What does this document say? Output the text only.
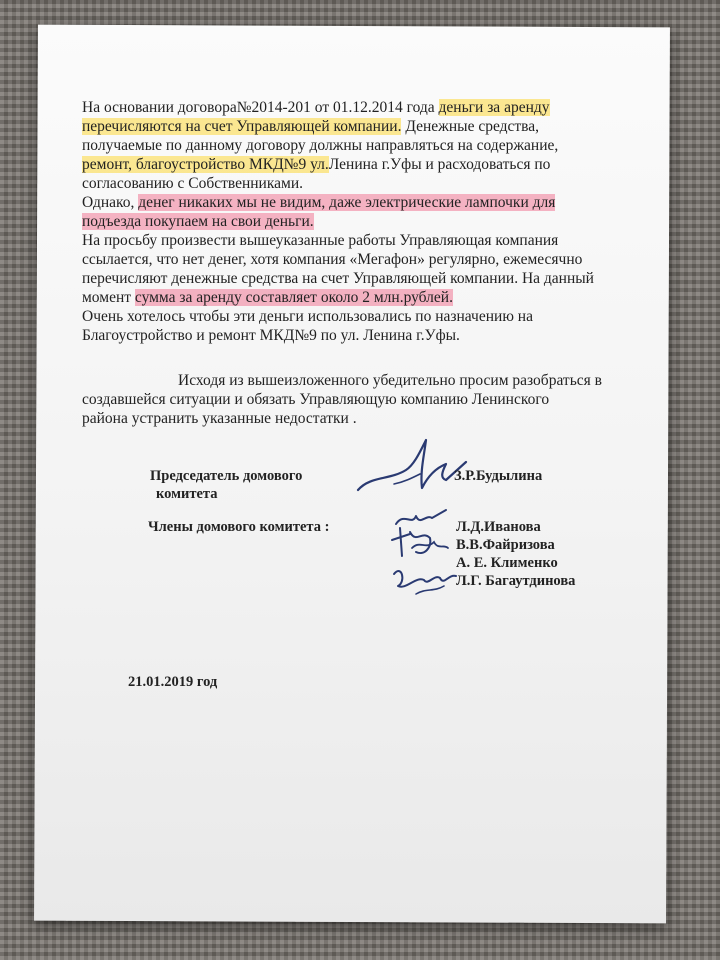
На основании договора№2014-201 от 01.12.2014 года деньги за аренду перечисляются на счет Управляющей компании. Денежные средства, получаемые по данному договору должны направляться на содержание, ремонт, благоустройство МКД№9 ул.Ленина г.Уфы и расходоваться по согласованию с Собственниками.

Однако, денег никаких мы не видим, даже электрические лампочки для подъезда покупаем на свои деньги.

На просьбу произвести вышеуказанные работы Управляющая компания ссылается, что нет денег, хотя компания «Мегафон» регулярно, ежемесячно перечисляют денежные средства на счет Управляющей компании. На данный момент сумма за аренду составляет около 2 млн.рублей.

Очень хотелось чтобы эти деньги использовались по назначению на Благоустройство и ремонт МКД№9 по ул. Ленина г.Уфы.

Исходя из вышеизложенного убедительно просим разобраться в
создавшейся ситуации и обязать Управляющую компанию Ленинского
района устранить указанные недостатки .

Председатель домового
комитета
З.Р.Будылина
Члены домового комитета :	Л.Д.Иванова
В.В.Файризова
А. Е. Клименко
Л.Г. Багаутдинова
21.01.2019 год
